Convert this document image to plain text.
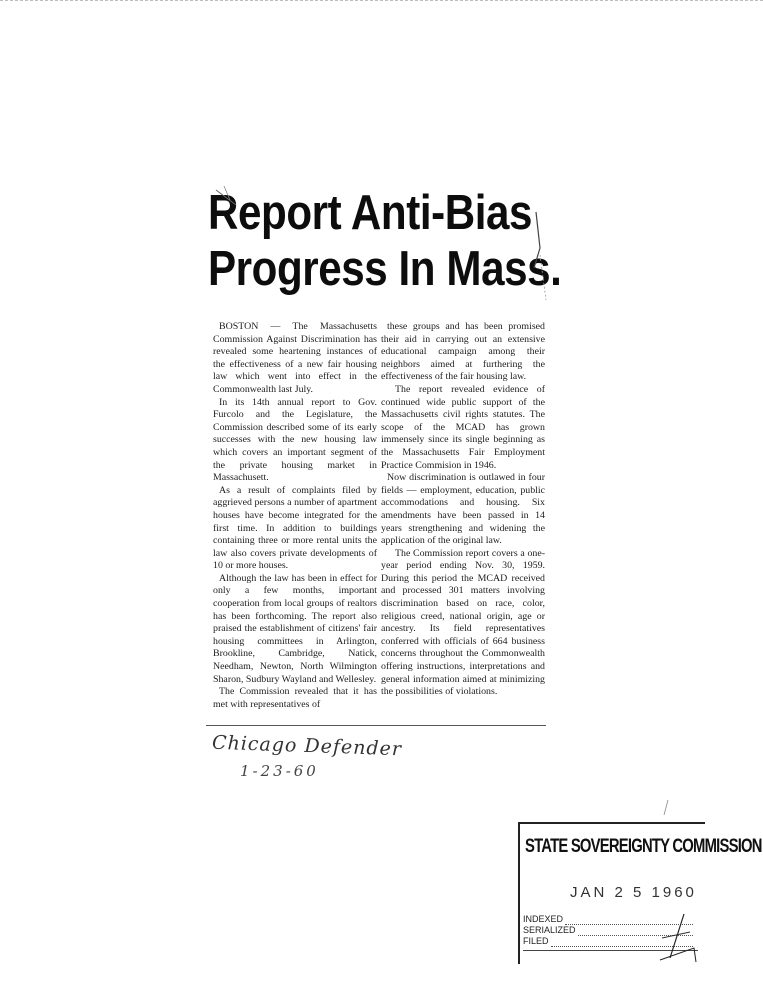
Report Anti-Bias
Progress In Mass.

BOSTON — The Massachusetts Commission Against Discrimination has revealed some heartening instances of the effectiveness of a new fair housing law which went into effect in the Commonwealth last July.

In its 14th annual report to Gov. Furcolo and the Legislature, the Commission described some of its early successes with the new housing law which covers an important segment of the private housing market in Massachusett.

As a result of complaints filed by aggrieved persons a number of apartment houses have become integrated for the first time. In addition to buildings containing three or more rental units the law also covers private developments of 10 or more houses.

Although the law has been in effect for only a few months, important cooperation from local groups of realtors has been forthcoming. The report also praised the establishment of citizens' fair housing committees in Arlington, Brookline, Cambridge, Natick, Needham, Newton, North Wilmington Sharon, Sudbury Wayland and Wellesley.

The Commission revealed that it has met with representatives of

these groups and has been promised their aid in carrying out an extensive educational campaign among their neighbors aimed at furthering the effectiveness of the fair housing law.

The report revealed evidence of continued wide public support of the Massachusetts civil rights statutes. The scope of the MCAD has grown immensely since its single beginning as the Massachusetts Fair Employment Practice Commision in 1946.

Now discrimination is outlawed in four fields — employment, education, public accommodations and housing. Six amendments have been passed in 14 years strengthening and widening the application of the original law.

The Commission report covers a one-year period ending Nov. 30, 1959. During this period the MCAD received and processed 301 matters involving discrimination based on race, color, religious creed, national origin, age or ancestry. Its field representatives conferred with officials of 664 business concerns throughout the Commonwealth offering instructions, interpretations and general information aimed at minimizing the possibilities of violations.

Chicago Defender
1-23-60
STATE SOVEREIGNTY COMMISSION
JAN 2 5 1960
INDEXED
SERIALIZED
FILED
